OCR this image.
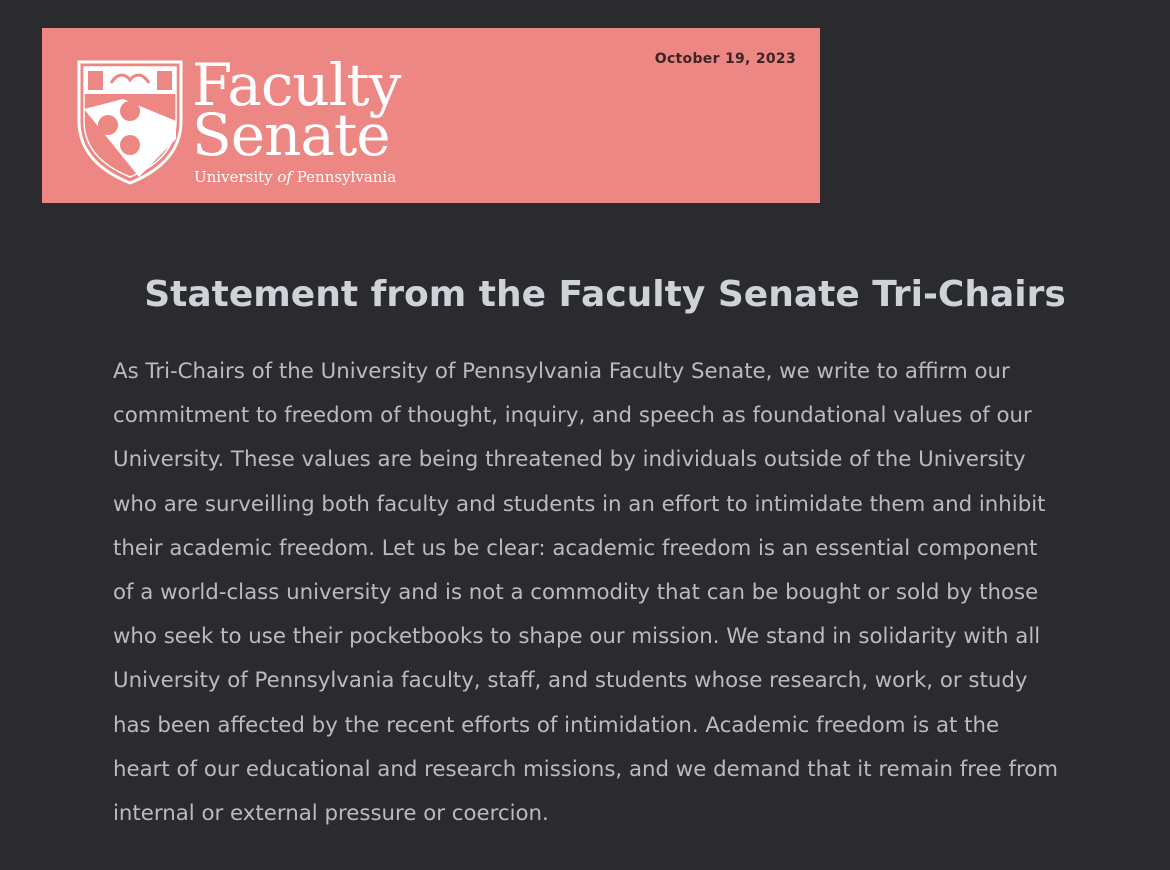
Faculty
Senate
University of Pennsylvania
October 19, 2023
Statement from the Faculty Senate Tri-Chairs

As Tri-Chairs of the University of Pennsylvania Faculty Senate, we write to affirm our
commitment to freedom of thought, inquiry, and speech as foundational values of our
University. These values are being threatened by individuals outside of the University
who are surveilling both faculty and students in an effort to intimidate them and inhibit
their academic freedom. Let us be clear: academic freedom is an essential component
of a world-class university and is not a commodity that can be bought or sold by those
who seek to use their pocketbooks to shape our mission. We stand in solidarity with all
University of Pennsylvania faculty, staff, and students whose research, work, or study
has been affected by the recent efforts of intimidation. Academic freedom is at the
heart of our educational and research missions, and we demand that it remain free from
internal or external pressure or coercion.
